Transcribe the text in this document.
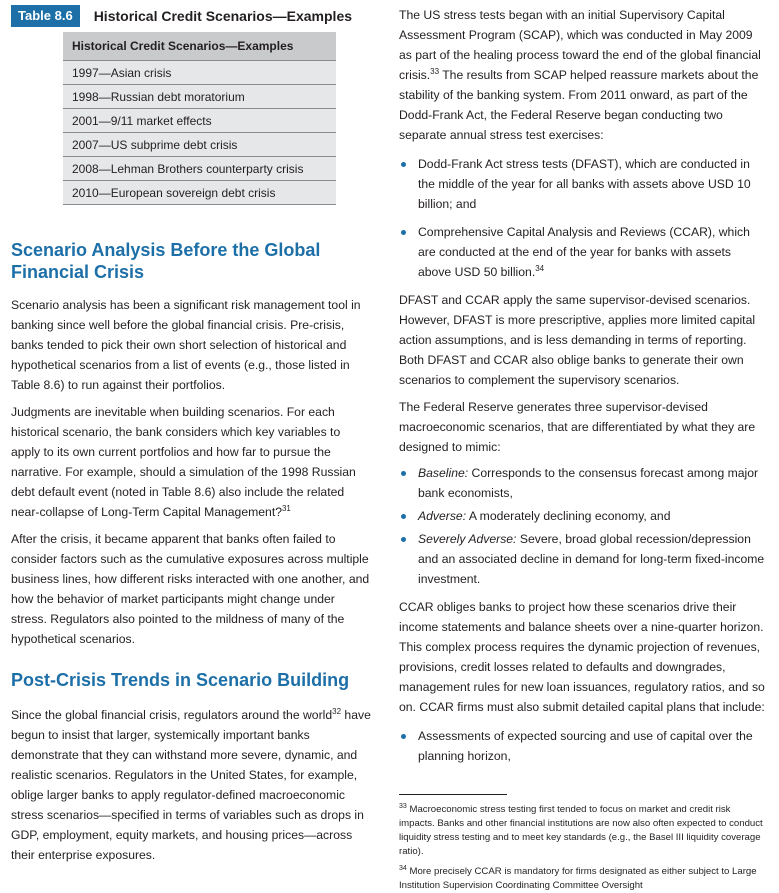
Table 8.6	Historical Credit Scenarios—Examples
Historical Credit Scenarios—Examples
1997—Asian crisis
1998—Russian debt moratorium
2001—9/11 market effects
2007—US subprime debt crisis
2008—Lehman Brothers counterparty crisis
2010—European sovereign debt crisis
Scenario Analysis Before the Global Financial Crisis

Scenario analysis has been a significant risk management tool in banking since well before the global financial crisis. Pre-crisis, banks tended to pick their own short selection of historical and hypothetical scenarios from a list of events (e.g., those listed in Table 8.6) to run against their portfolios.

Judgments are inevitable when building scenarios. For each historical scenario, the bank considers which key variables to apply to its own current portfolios and how far to pursue the narrative. For example, should a simulation of the 1998 Russian debt default event (noted in Table 8.6) also include the related near-collapse of Long-Term Capital Management?$^{31}$

After the crisis, it became apparent that banks often failed to consider factors such as the cumulative exposures across multiple business lines, how different risks interacted with one another, and how the behavior of market participants might change under stress. Regulators also pointed to the mildness of many of the hypothetical scenarios.

Post-Crisis Trends in Scenario Building

Since the global financial crisis, regulators around the world$^{32}$ have begun to insist that larger, systemically important banks demonstrate that they can withstand more severe, dynamic, and realistic scenarios. Regulators in the United States, for example, oblige larger banks to apply regulator-defined macroeconomic stress scenarios—specified in terms of variables such as drops in GDP, employment, equity markets, and housing prices—across their enterprise exposures.

The US stress tests began with an initial Supervisory Capital Assessment Program (SCAP), which was conducted in May 2009 as part of the healing process toward the end of the global financial crisis.$^{33}$ The results from SCAP helped reassure markets about the stability of the banking system. From 2011 onward, as part of the Dodd-Frank Act, the Federal Reserve began conducting two separate annual stress test exercises:

Dodd-Frank Act stress tests (DFAST), which are conducted in the middle of the year for all banks with assets above USD 10 billion; and
Comprehensive Capital Analysis and Reviews (CCAR), which are conducted at the end of the year for banks with assets above USD 50 billion.$^{34}$

DFAST and CCAR apply the same supervisor-devised scenarios. However, DFAST is more prescriptive, applies more limited capital action assumptions, and is less demanding in terms of reporting. Both DFAST and CCAR also oblige banks to generate their own scenarios to complement the supervisory scenarios.

The Federal Reserve generates three supervisor-devised macroeconomic scenarios, that are differentiated by what they are designed to mimic:

Baseline: Corresponds to the consensus forecast among major bank economists,
Adverse: A moderately declining economy, and
Severely Adverse: Severe, broad global recession/depression and an associated decline in demand for long-term fixed-income investment.

CCAR obliges banks to project how these scenarios drive their income statements and balance sheets over a nine-quarter horizon. This complex process requires the dynamic projection of revenues, provisions, credit losses related to defaults and downgrades, management rules for new loan issuances, regulatory ratios, and so on. CCAR firms must also submit detailed capital plans that include:

Assessments of expected sourcing and use of capital over the planning horizon,

$^{33}$ Macroeconomic stress testing first tended to focus on market and credit risk impacts. Banks and other financial institutions are now also often expected to conduct liquidity stress testing and to meet key standards (e.g., the Basel III liquidity coverage ratio).

$^{34}$ More precisely CCAR is mandatory for firms designated as either subject to Large Institution Supervision Coordinating Committee Oversight
